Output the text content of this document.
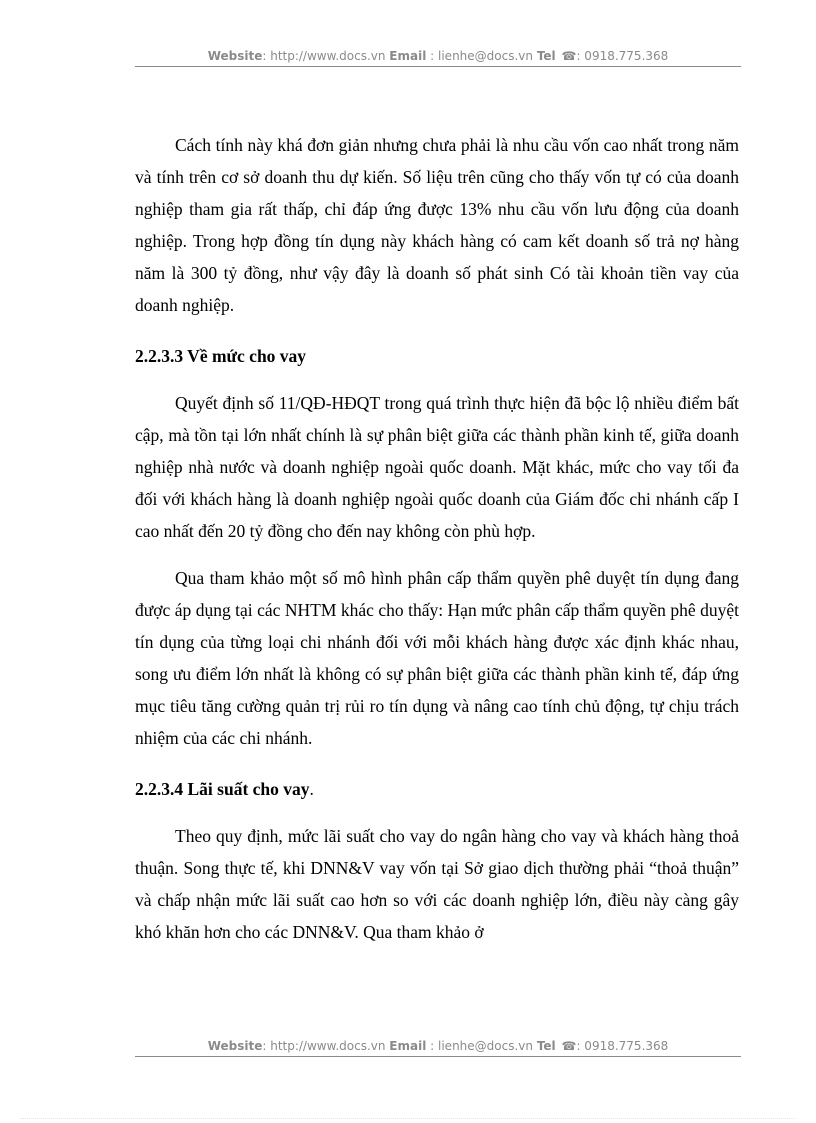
Website: http://www.docs.vn Email : lienhe@docs.vn Tel ☎: 0918.775.368

Cách tính này khá đơn giản nhưng chưa phải là nhu cầu vốn cao nhất trong năm và tính trên cơ sở doanh thu dự kiến. Số liệu trên cũng cho thấy vốn tự có của doanh nghiệp tham gia rất thấp, chỉ đáp ứng được 13% nhu cầu vốn lưu động của doanh nghiệp. Trong hợp đồng tín dụng này khách hàng có cam kết doanh số trả nợ hàng năm là 300 tỷ đồng, như vậy đây là doanh số phát sinh Có tài khoản tiền vay của doanh nghiệp.

2.2.3.3 Về mức cho vay

Quyết định số 11/QĐ-HĐQT trong quá trình thực hiện đã bộc lộ nhiều điểm bất cập, mà tồn tại lớn nhất chính là sự phân biệt giữa các thành phần kinh tế, giữa doanh nghiệp nhà nước và doanh nghiệp ngoài quốc doanh. Mặt khác, mức cho vay tối đa đối với khách hàng là doanh nghiệp ngoài quốc doanh của Giám đốc chi nhánh cấp I cao nhất đến 20 tỷ đồng cho đến nay không còn phù hợp.

Qua tham khảo một số mô hình phân cấp thẩm quyền phê duyệt tín dụng đang được áp dụng tại các NHTM khác cho thấy: Hạn mức phân cấp thẩm quyền phê duyệt tín dụng của từng loại chi nhánh đối với mỗi khách hàng được xác định khác nhau, song ưu điểm lớn nhất là không có sự phân biệt giữa các thành phần kinh tế, đáp ứng mục tiêu tăng cường quản trị rủi ro tín dụng và nâng cao tính chủ động, tự chịu trách nhiệm của các chi nhánh.

2.2.3.4 Lãi suất cho vay.

Theo quy định, mức lãi suất cho vay do ngân hàng cho vay và khách hàng thoả thuận. Song thực tế, khi DNN&V vay vốn tại Sở giao dịch thường phải “thoả thuận” và chấp nhận mức lãi suất cao hơn so với các doanh nghiệp lớn, điều này càng gây khó khăn hơn cho các DNN&V. Qua tham khảo ở

Website: http://www.docs.vn Email : lienhe@docs.vn Tel ☎: 0918.775.368
